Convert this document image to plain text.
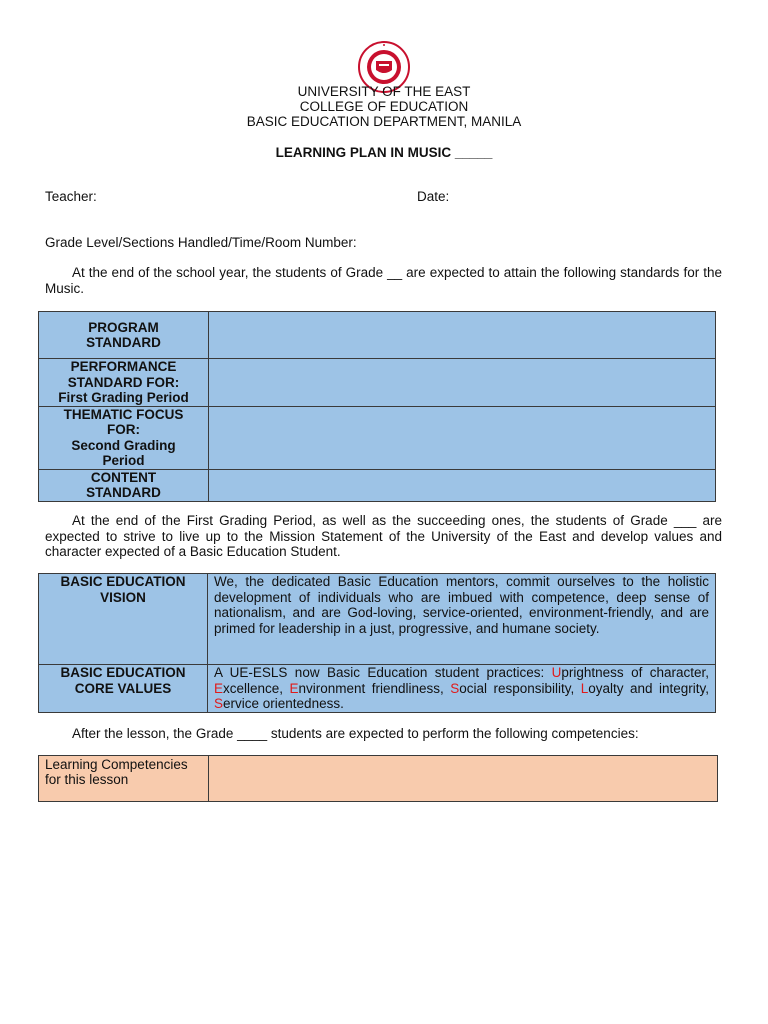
UNIVERSITY OF THE EAST
COLLEGE OF EDUCATION
BASIC EDUCATION DEPARTMENT, MANILA
LEARNING PLAN IN MUSIC _____
Teacher:	Date:
Grade Level/Sections Handled/Time/Room Number:
At the end of the school year, the students of Grade __ are expected to attain the following standards for the Music.
PROGRAM
STANDARD	

PERFORMANCE
STANDARD FOR:
First Grading Period	

THEMATIC FOCUS
FOR:
Second Grading
Period	

CONTENT
STANDARD	

At the end of the First Grading Period, as well as the succeeding ones, the students of Grade ___ are expected to strive to live up to the Mission Statement of the University of the East and develop values and character expected of a Basic Education Student.
BASIC EDUCATION
VISION	We, the dedicated Basic Education mentors, commit ourselves to the holistic development of individuals who are imbued with competence, deep sense of nationalism, and are God-loving, service-oriented, environment-friendly, and are primed for leadership in a just, progressive, and humane society.

BASIC EDUCATION
CORE VALUES	A UE-ESLS now Basic Education student practices: Uprightness of character, Excellence, Environment friendliness, Social responsibility, Loyalty and integrity, Service orientedness.
After the lesson, the Grade ____ students are expected to perform the following competencies:
Learning Competencies for this lesson	
